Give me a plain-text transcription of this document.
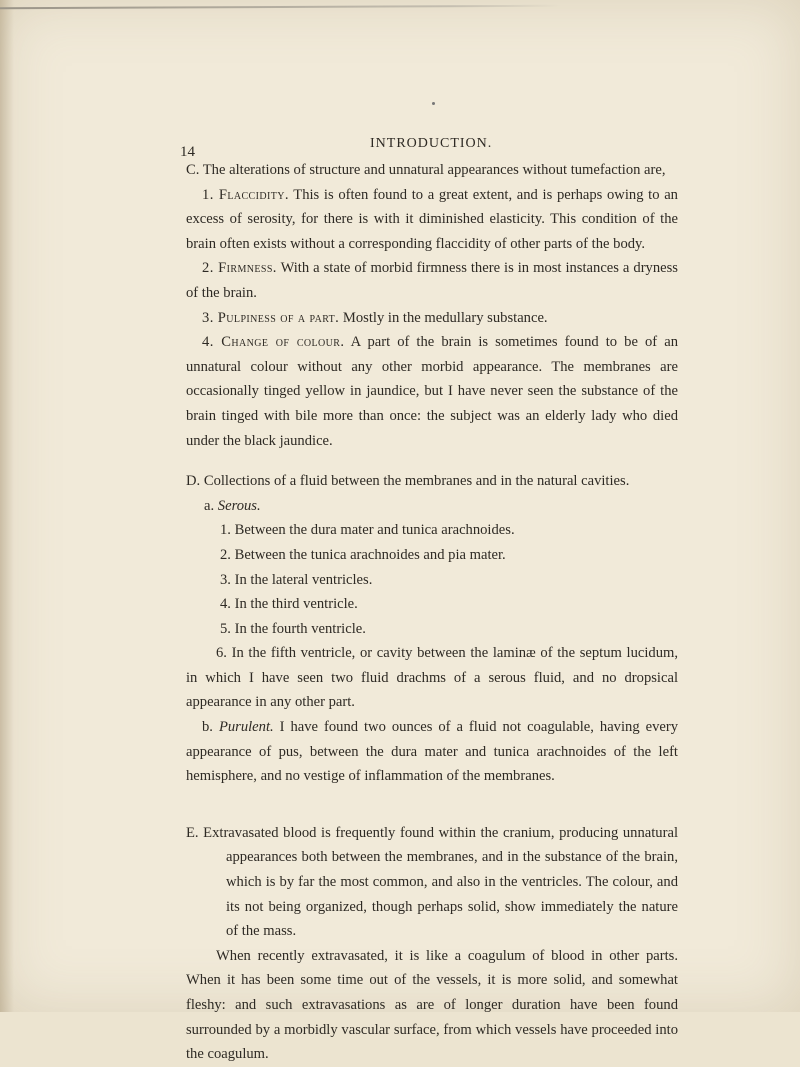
14
INTRODUCTION.

C. The alterations of structure and unnatural appearances without tumefaction are,

1. Flaccidity. This is often found to a great extent, and is perhaps owing to an excess of serosity, for there is with it diminished elasticity. This condition of the brain often exists without a corresponding flaccidity of other parts of the body.

2. Firmness. With a state of morbid firmness there is in most instances a dryness of the brain.

3. Pulpiness of a part. Mostly in the medullary substance.

4. Change of colour. A part of the brain is sometimes found to be of an unnatural colour without any other morbid appearance. The membranes are occasionally tinged yellow in jaundice, but I have never seen the substance of the brain tinged with bile more than once: the subject was an elderly lady who died under the black jaundice.

D. Collections of a fluid between the membranes and in the natural cavities.

a. Serous.

1. Between the dura mater and tunica arachnoides.

2. Between the tunica arachnoides and pia mater.

3. In the lateral ventricles.

4. In the third ventricle.

5. In the fourth ventricle.

6. In the fifth ventricle, or cavity between the laminæ of the septum lucidum, in which I have seen two fluid drachms of a serous fluid, and no dropsical appearance in any other part.

b. Purulent. I have found two ounces of a fluid not coagulable, having every appearance of pus, between the dura mater and tunica arachnoides of the left hemisphere, and no vestige of inflammation of the membranes.

E. Extravasated blood is frequently found within the cranium, producing unnatural appearances both between the membranes, and in the substance of the brain, which is by far the most common, and also in the ventricles. The colour, and its not being organized, though perhaps solid, show immediately the nature of the mass.

When recently extravasated, it is like a coagulum of blood in other parts. When it has been some time out of the vessels, it is more solid, and somewhat fleshy: and such extravasations as are of longer duration have been found surrounded by a morbidly vascular surface, from which vessels have proceeded into the coagulum.
